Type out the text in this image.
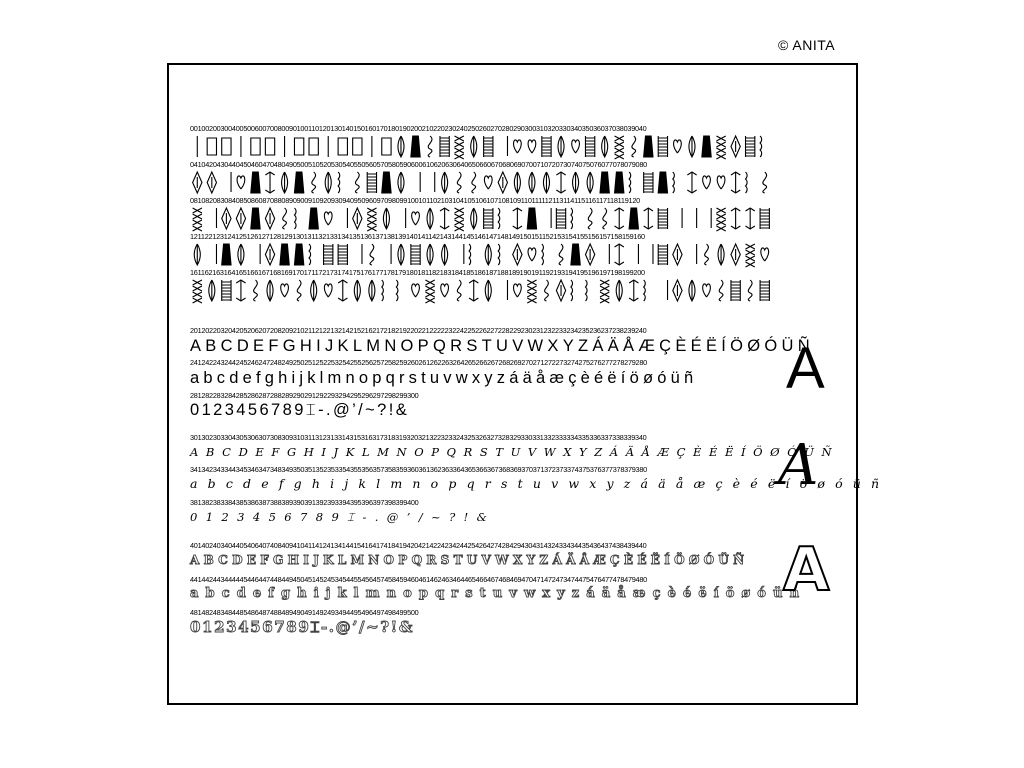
© ANITA
001002003004005006007008009010011012013014015016017018019020021022023024025026027028029030031032033034035036037038039040
041042043044045046047048049050051052053054055056057058059060061062063064065066067068069070071072073074075076077078079080
081082083084085086087088089090091092093094095096097098099100101102103104105106107108109110111112113114115116117118119120
121122123124125126127128129130131132133134135136137138139140141142143144145146147148149150151152153154155156157158159160
161162163164165166167168169170171172173174175176177178179180181182183184185186187188189190191192193194195196197198199200
201202203204205206207208209210211212213214215216217218219220221222223224225226227228229230231232233234235236237238239240
ABCDEFGHIJKLMNOPQRSTUVWXYZÁÄÅÆÇÈÉËÍÖØÓÜÑ
241242243244245246247248249250251252253254255256257258259260261262263264265266267268269270271272273274275276277278279280
abcdefghijklmnopqrstuvwxyzáäåæçèéëíöøóüñ
281282283284285286287288289290291292293294295296297298299300
0123456789⌶-.@’/~?!&
A
301302303304305306307308309310311312313314315316317318319320321322323324325326327328329330331332333334335336337338339340
ABCDEFGHIJKLMNOPQRSTUVWXYZÁÄÅÆÇÈÉËÍÖØÓÜÑ
341342343344345346347348349350351352353354355356357358359360361362363364365366367368369370371372373374375376377378379380
abcdefghijklmnopqrstuvwxyzáäåæçèéëíöøóüñ
381382383384385386387388389390391392393394395396397398399400
0123456789⌶-.@’/~?!&
A
401402403404405406407408409410411412413414415416417418419420421422423424425426427428429430431432433434435436437438439440
ABCDEFGHIJKLMNOPQRSTUVWXYZÁÄÅÆÇÈÉËÍÖØÓÜÑ
441442443444445446447448449450451452453454455456457458459460461462463464465466467468469470471472473474475476477478479480
abcdefghijklmnopqrstuvwxyzáäåæçèéëíöøóüñ
481482483484485486487488489490491492493494495496497498499500
0123456789⌶-.@’/~?!&
A
